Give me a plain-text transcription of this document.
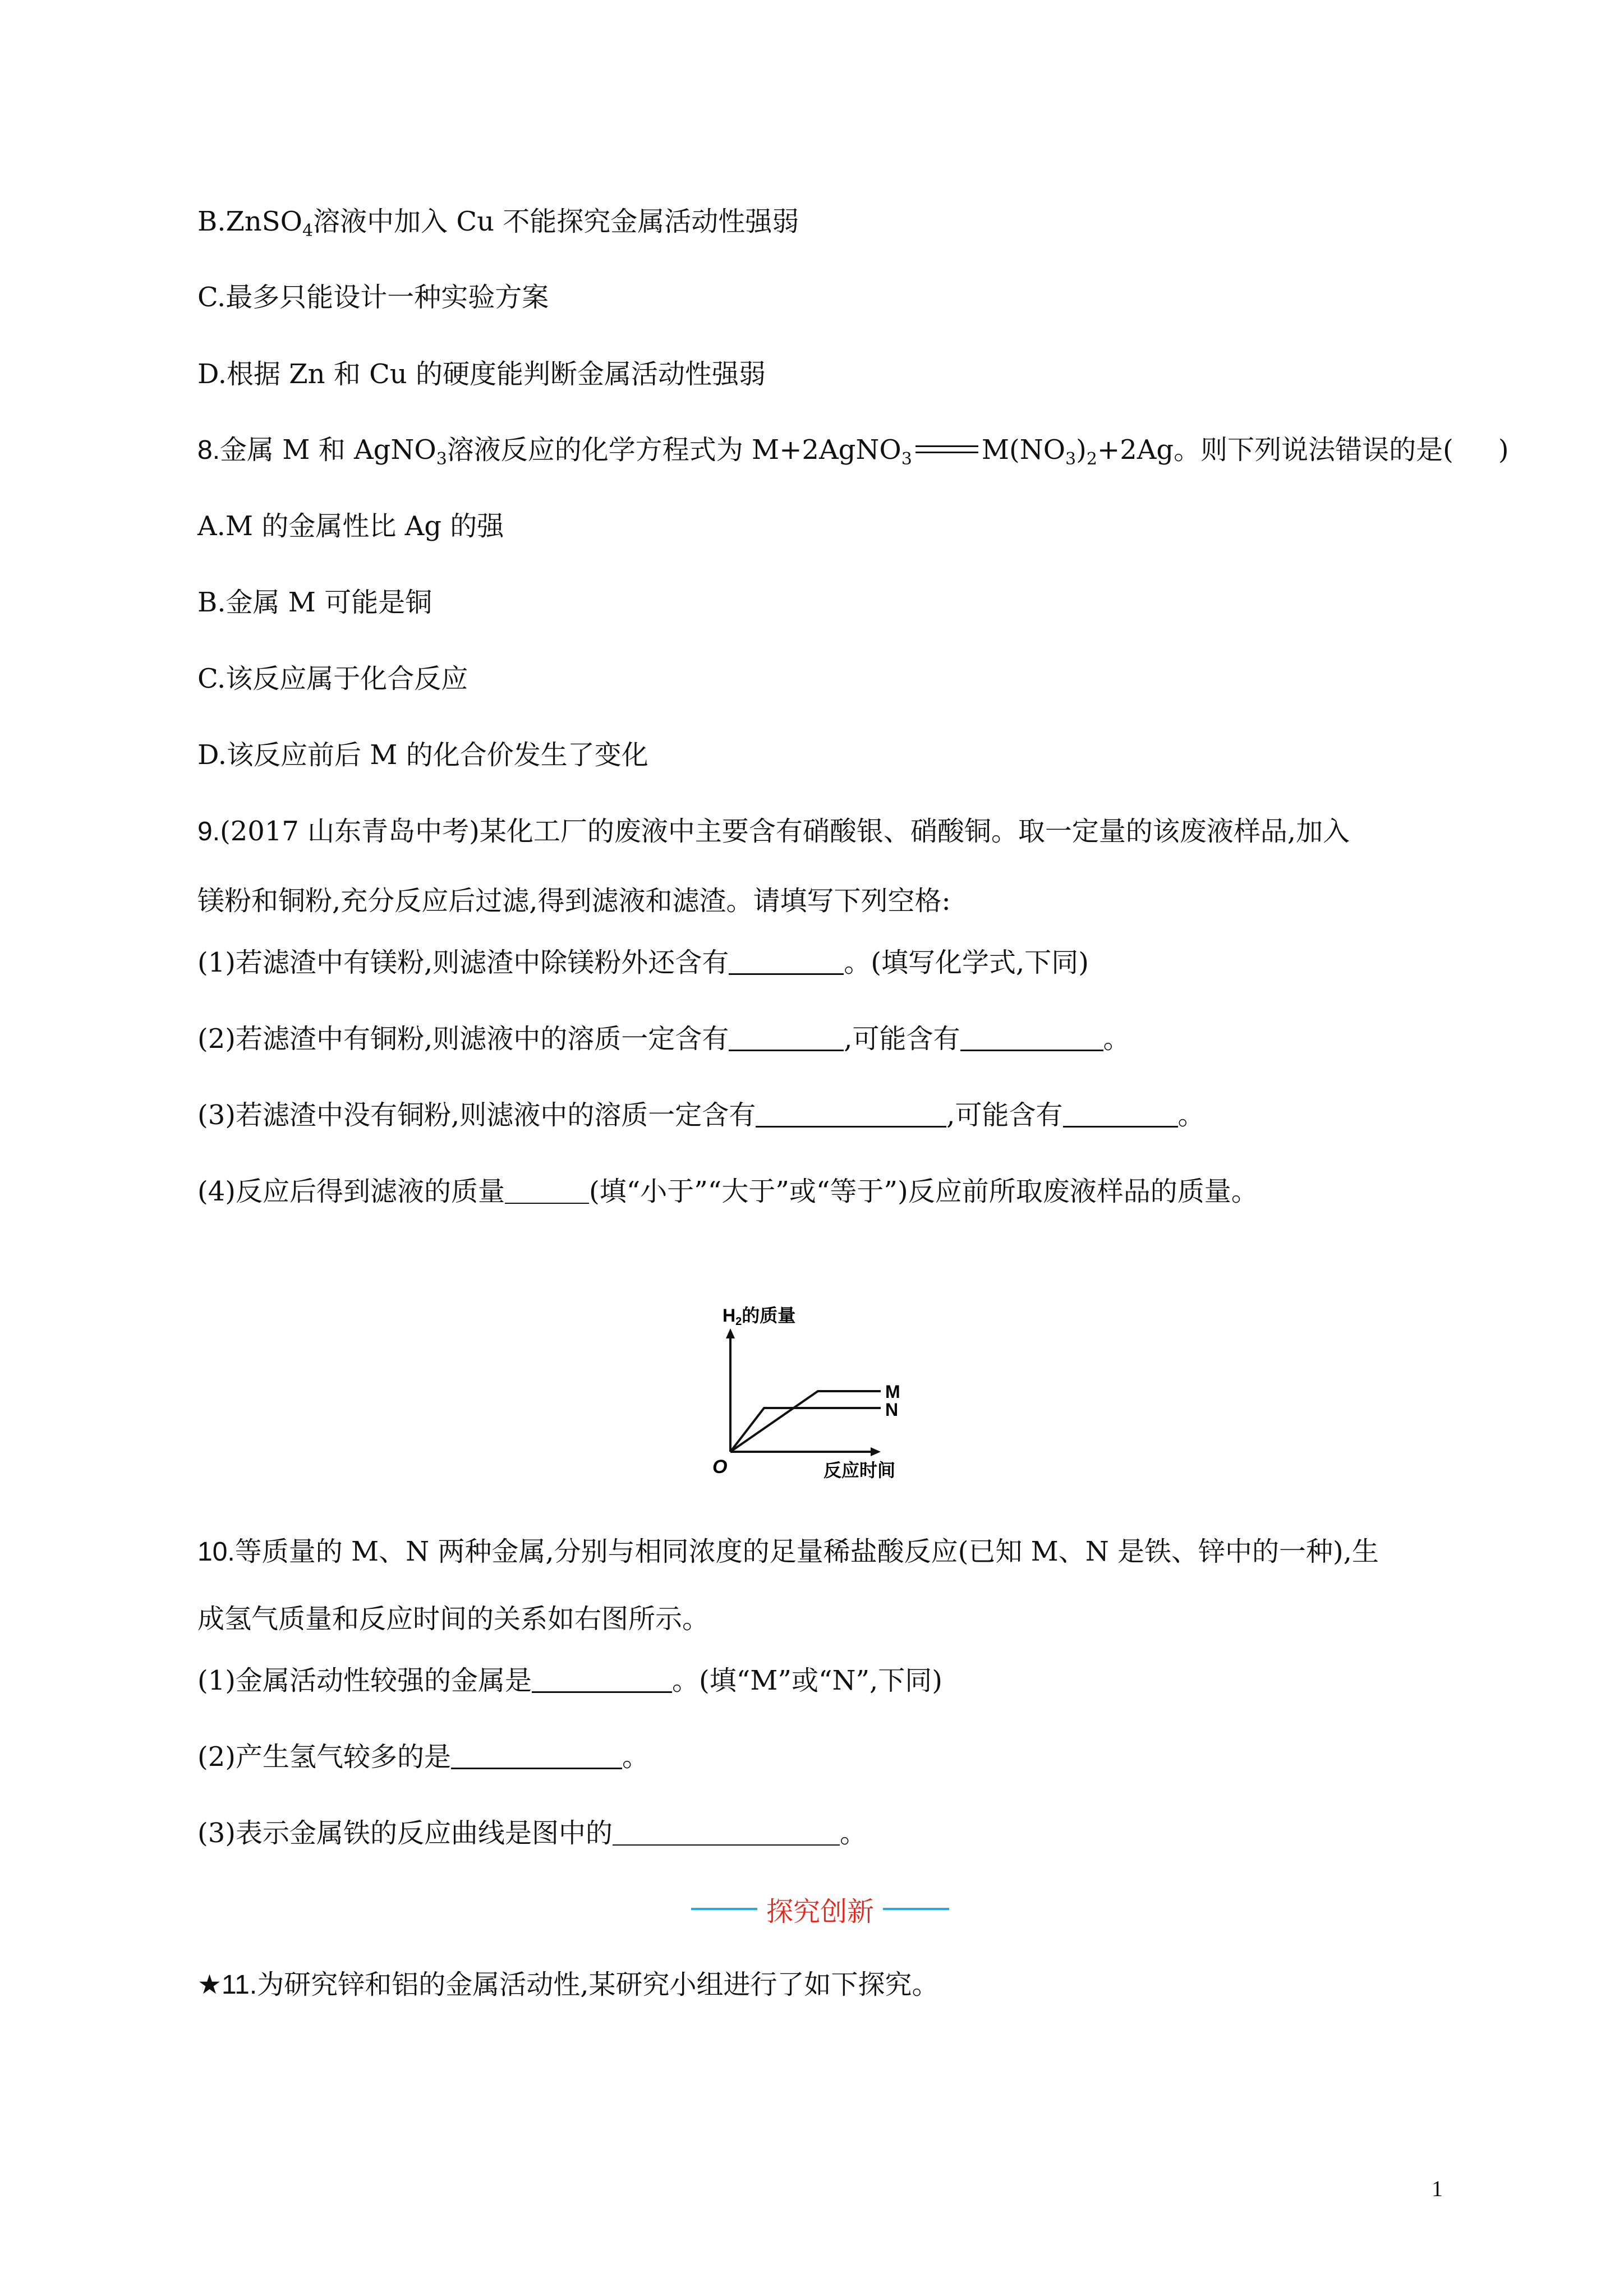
B.ZnSO$_4$溶液中加入 Cu 不能探究金属活动性强弱
C.最多只能设计一种实验方案
D.根据 Zn 和 Cu 的硬度能判断金属活动性强弱
8.金属 M 和 AgNO$_3$溶液反应的化学方程式为 M+2AgNO$_3$	$M(NO_3)_2+2Ag$。则下列说法错误的是( )
A.M 的金属性比 Ag 的强
B.金属 M 可能是铜
C.该反应属于化合反应
D.该反应前后 M 的化合价发生了变化
9.(2017 山东青岛中考)某化工厂的废液中主要含有硝酸银、硝酸铜。取一定量的该废液样品,加入
镁粉和铜粉,充分反应后过滤,得到滤液和滤渣。请填写下列空格:
(1)若滤渣中有镁粉,则滤渣中除镁粉外还含有	。(填写化学式,下同)
(2)若滤渣中有铜粉,则滤液中的溶质一定含有	,可能含有	。
(3)若滤渣中没有铜粉,则滤液中的溶质一定含有	,可能含有	。
(4)反应后得到滤液的质量	(填“小于”“大于”或“等于”)反应前所取废液样品的质量。
H2的质量
M
N
O	反应时间
10.等质量的 M、N 两种金属,分别与相同浓度的足量稀盐酸反应(已知 M、N 是铁、锌中的一种),生
成氢气质量和反应时间的关系如右图所示。
(1)金属活动性较强的金属是	。(填“M”或“N”,下同)
(2)产生氢气较多的是	。
(3)表示金属铁的反应曲线是图中的	。
探究创新
★11.为研究锌和铝的金属活动性,某研究小组进行了如下探究。
1
